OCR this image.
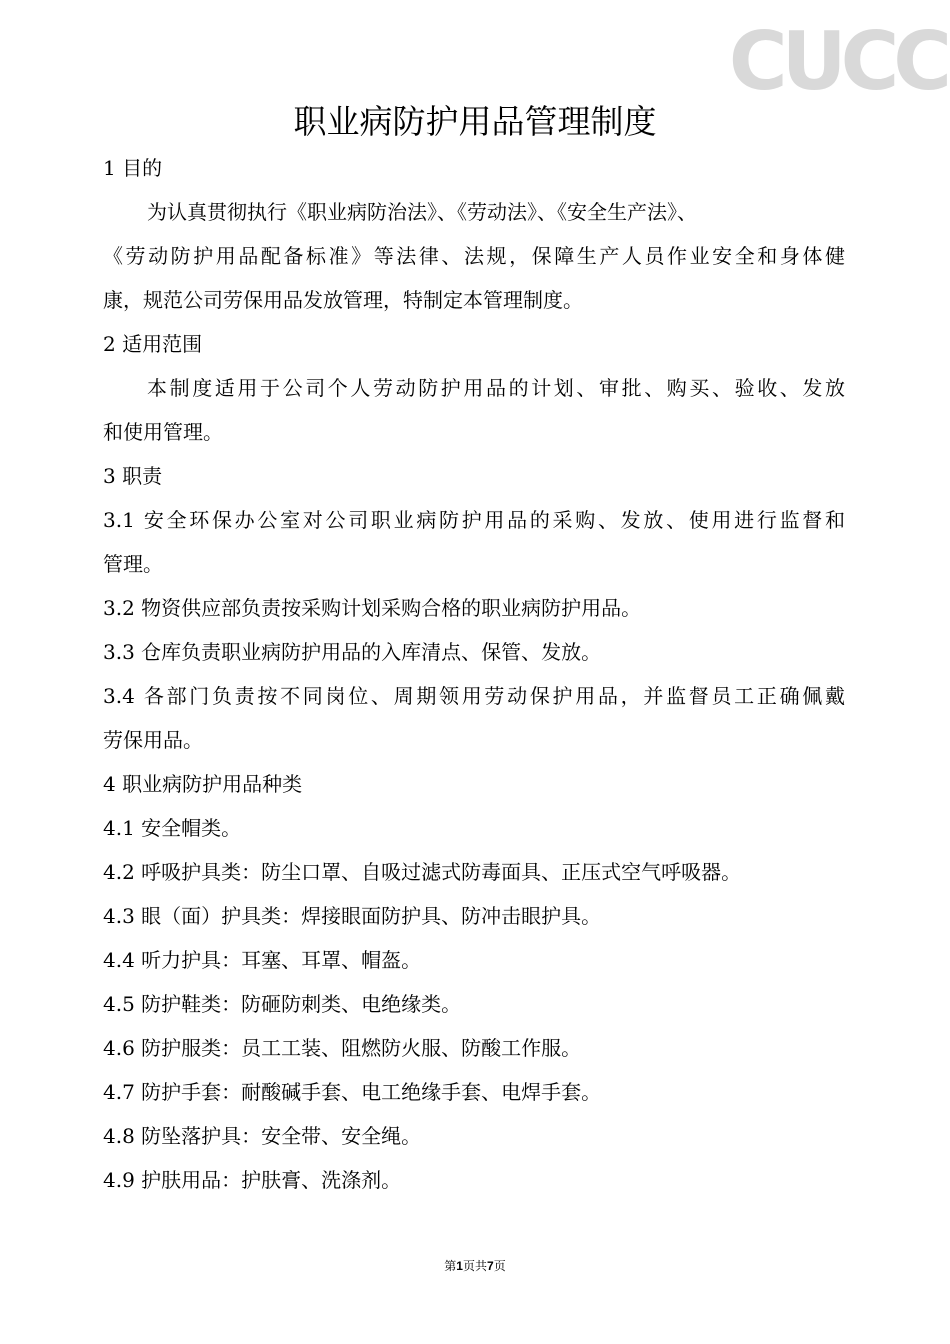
CUCC
职业病防护用品管理制度
1 目的
为认真贯彻执行《职业病防治法》、《劳动法》、《安全生产法》、
《劳动防护用品配备标准》等法律、法规，保障生产人员作业安全和身体健
康，规范公司劳保用品发放管理，特制定本管理制度。
2 适用范围
本制度适用于公司个人劳动防护用品的计划、审批、购买、验收、发放
和使用管理。
3 职责
3.1 安全环保办公室对公司职业病防护用品的采购、发放、使用进行监督和
管理。
3.2 物资供应部负责按采购计划采购合格的职业病防护用品。
3.3 仓库负责职业病防护用品的入库清点、保管、发放。
3.4 各部门负责按不同岗位、周期领用劳动保护用品，并监督员工正确佩戴
劳保用品。
4 职业病防护用品种类
4.1 安全帽类。
4.2 呼吸护具类：防尘口罩、自吸过滤式防毒面具、正压式空气呼吸器。
4.3 眼（面）护具类：焊接眼面防护具、防冲击眼护具。
4.4 听力护具：耳塞、耳罩、帽盔。
4.5 防护鞋类：防砸防刺类、电绝缘类。
4.6 防护服类：员工工装、阻燃防火服、防酸工作服。
4.7 防护手套：耐酸碱手套、电工绝缘手套、电焊手套。
4.8 防坠落护具：安全带、安全绳。
4.9 护肤用品：护肤膏、洗涤剂。
第1页共7页
